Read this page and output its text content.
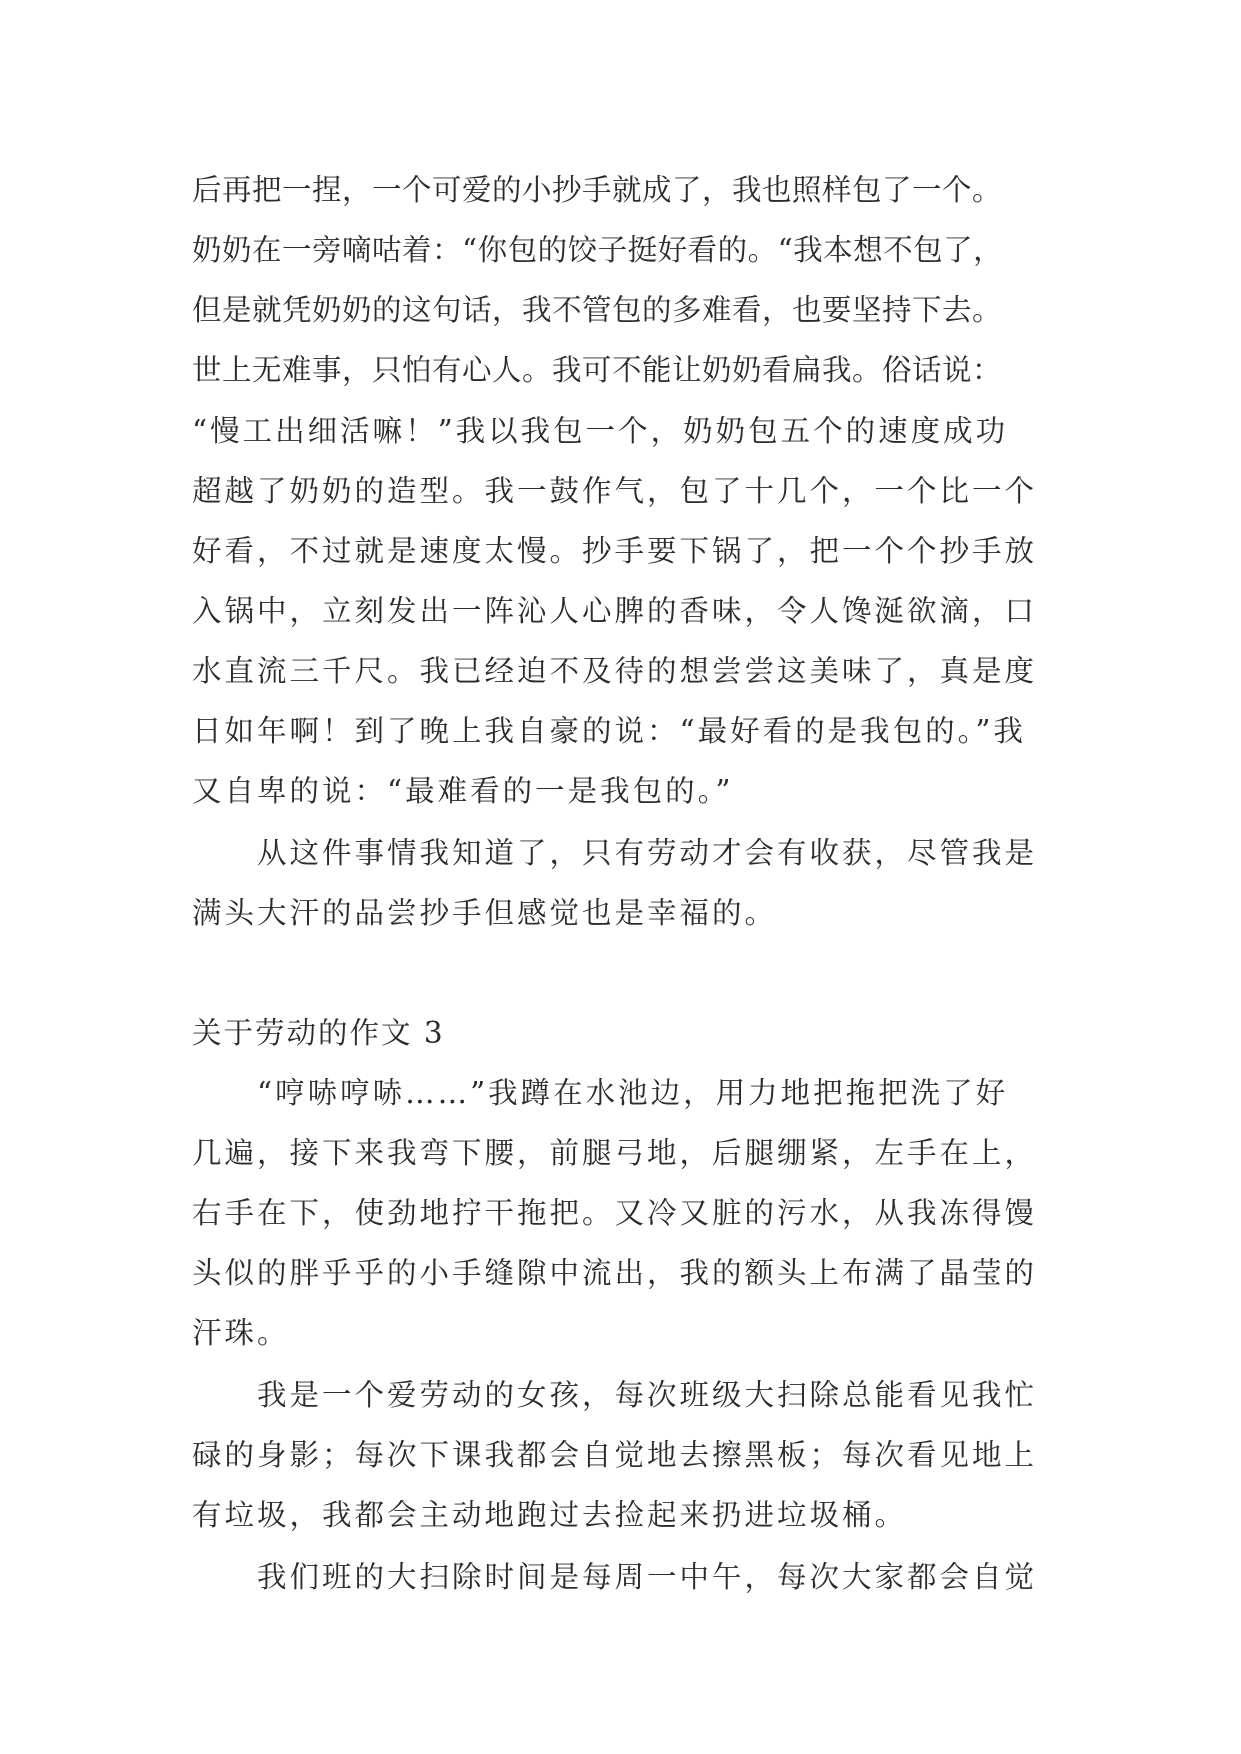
后再把一捏，一个可爱的小抄手就成了，我也照样包了一个。
奶奶在一旁嘀咕着：“你包的饺子挺好看的。“我本想不包了，
但是就凭奶奶的这句话，我不管包的多难看，也要坚持下去。
世上无难事，只怕有心人。我可不能让奶奶看扁我。俗话说：
“慢工出细活嘛！”我以我包一个，奶奶包五个的速度成功
超越了奶奶的造型。我一鼓作气，包了十几个，一个比一个
好看，不过就是速度太慢。抄手要下锅了，把一个个抄手放
入锅中，立刻发出一阵沁人心脾的香味，令人馋涎欲滴，口
水直流三千尺。我已经迫不及待的想尝尝这美味了，真是度
日如年啊！到了晚上我自豪的说：“最好看的是我包的。”我
又自卑的说：“最难看的一是我包的。”
从这件事情我知道了，只有劳动才会有收获，尽管我是
满头大汗的品尝抄手但感觉也是幸福的。
关于劳动的作文 3
“哼哧哼哧……”我蹲在水池边，用力地把拖把洗了好
几遍，接下来我弯下腰，前腿弓地，后腿绷紧，左手在上，
右手在下，使劲地拧干拖把。又冷又脏的污水，从我冻得馒
头似的胖乎乎的小手缝隙中流出，我的额头上布满了晶莹的
汗珠。
我是一个爱劳动的女孩，每次班级大扫除总能看见我忙
碌的身影；每次下课我都会自觉地去擦黑板；每次看见地上
有垃圾，我都会主动地跑过去捡起来扔进垃圾桶。
我们班的大扫除时间是每周一中午，每次大家都会自觉
